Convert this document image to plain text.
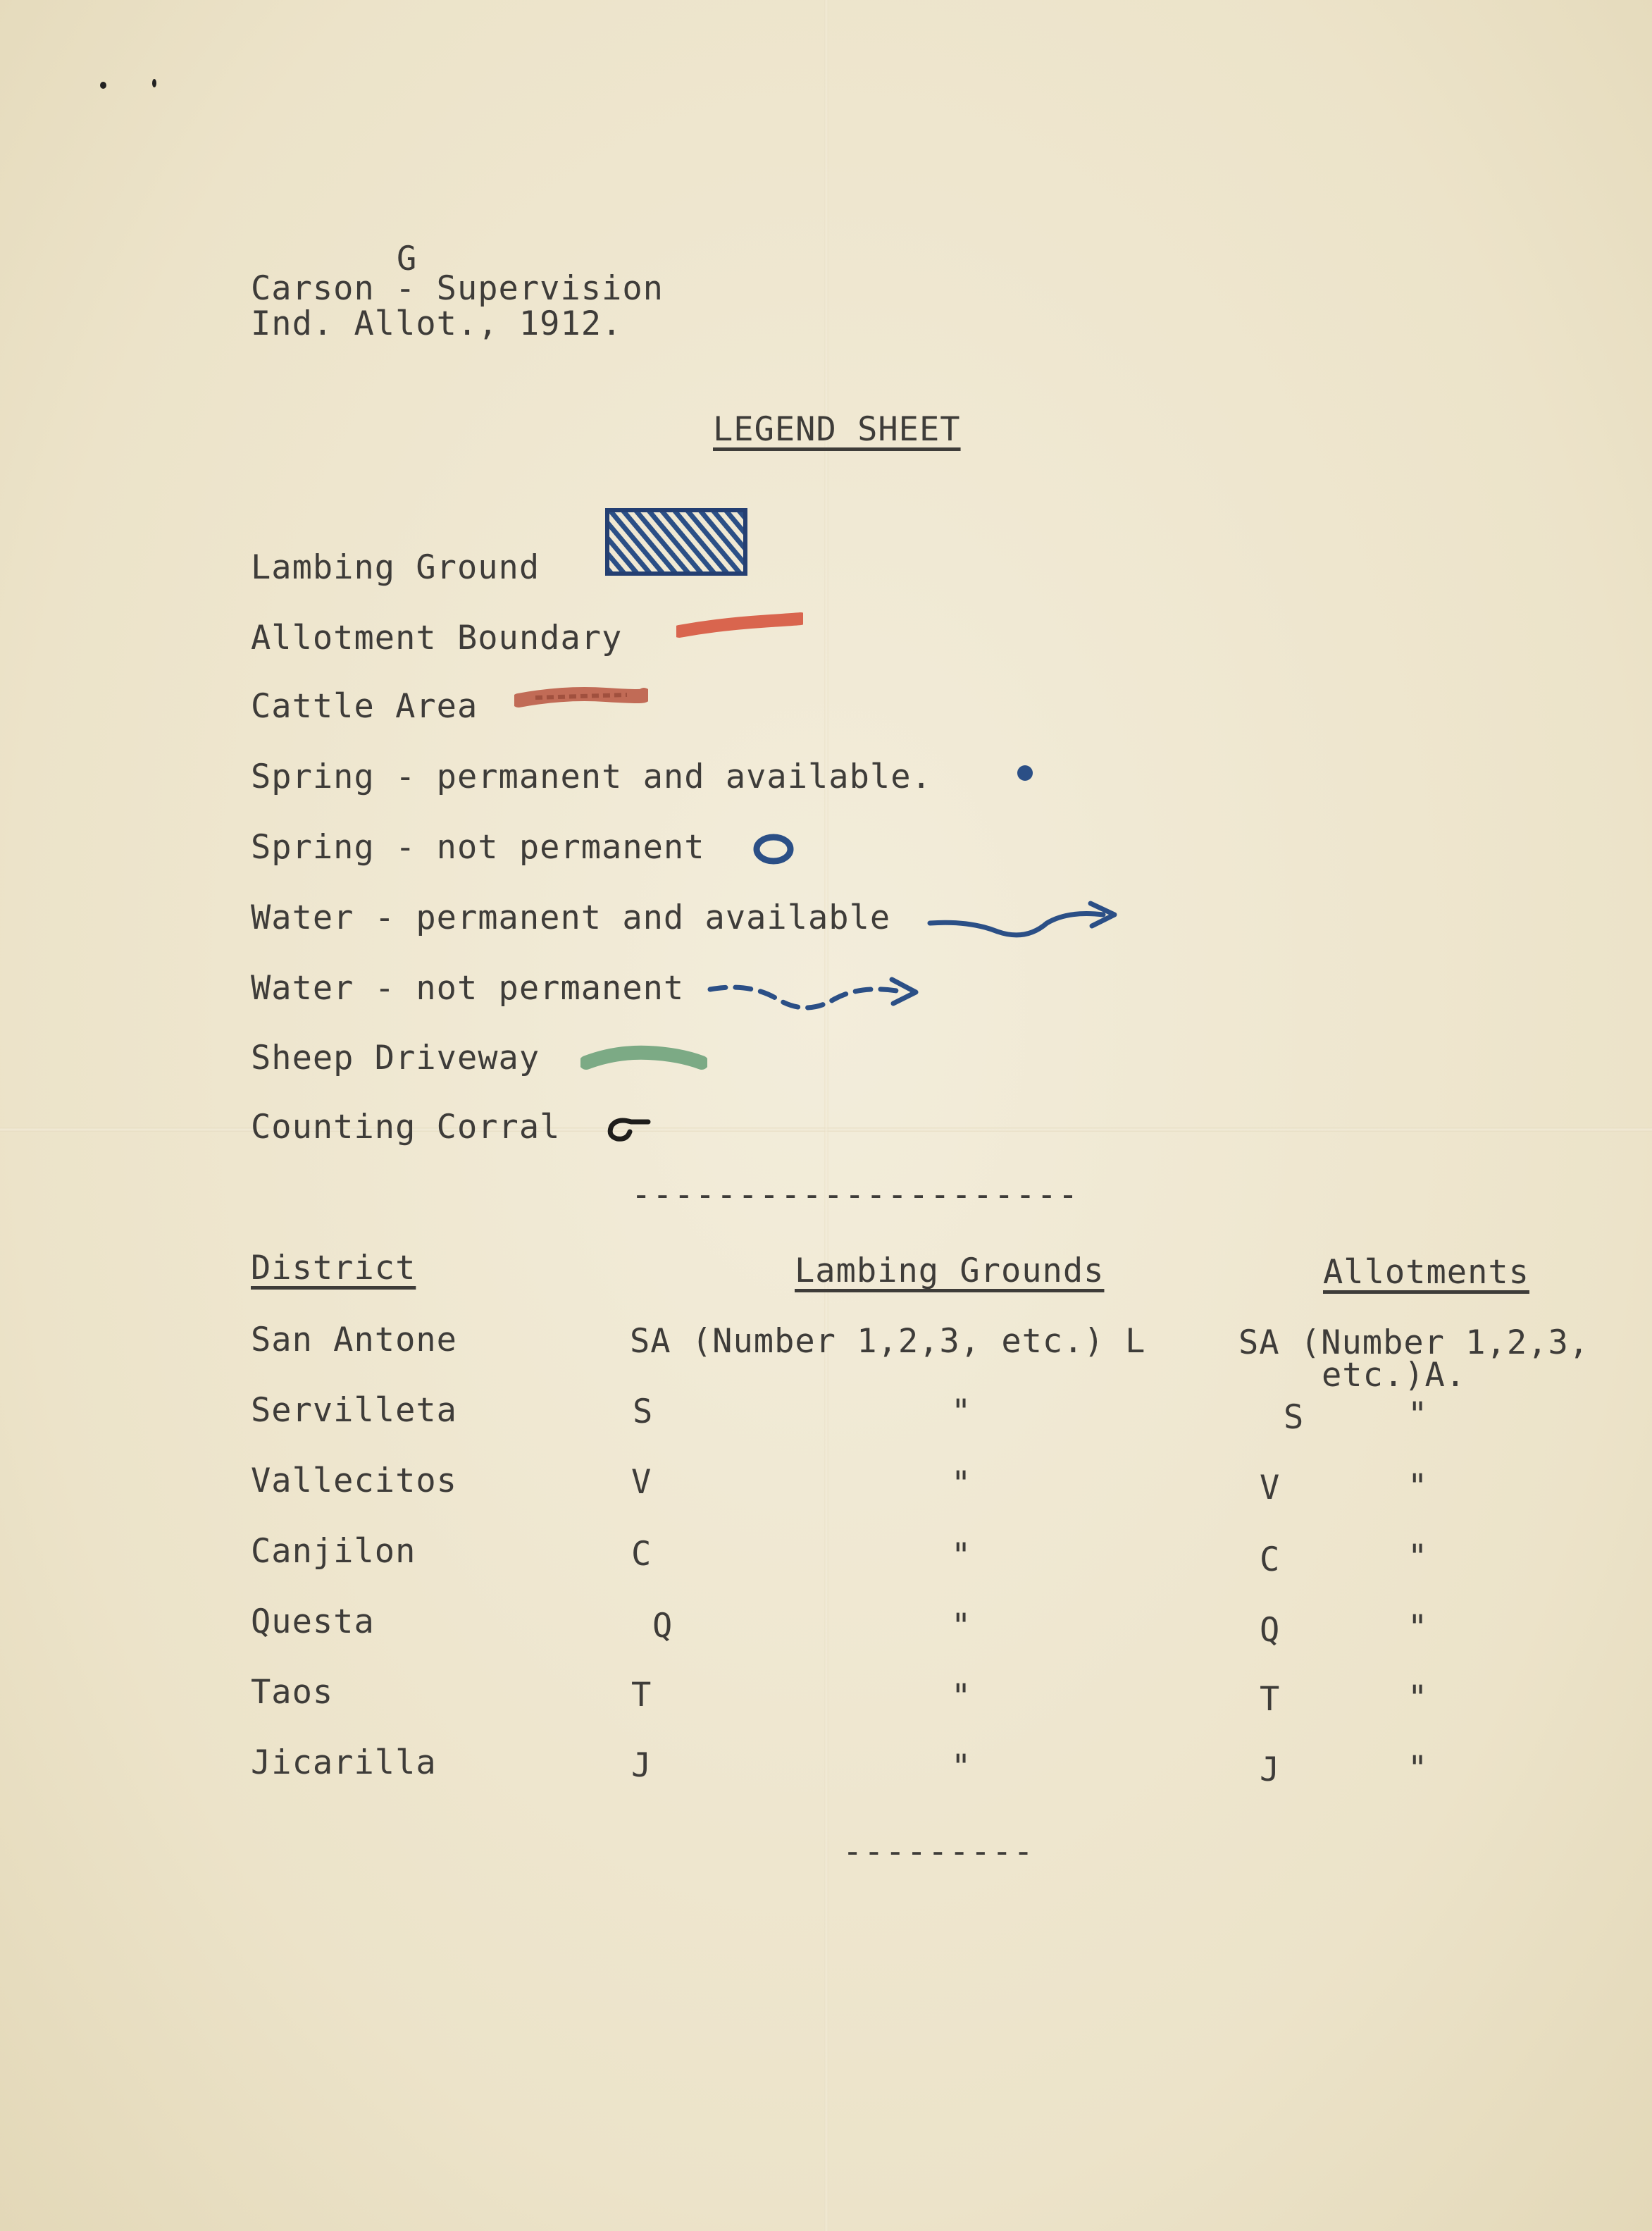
G
Carson - Supervision
Ind. Allot., 1912.
LEGEND SHEET
Lambing Ground
Allotment Boundary
Cattle Area
Spring - permanent and available.
Spring - not permanent
Water - permanent and available
Water - not permanent
Sheep Driveway
Counting Corral
---------------------
District	Lambing Grounds	Allotments
San Antone	SA (Number 1,2,3, etc.) L	SA (Number 1,2,3,
etc.)A.
Servilleta	S	"	S	"
Vallecitos	V	"	V	"
Canjilon	C	"	C	"
Questa	Q	"	Q	"
Taos	T	"	T	"
Jicarilla	J	"	J	"
---------
